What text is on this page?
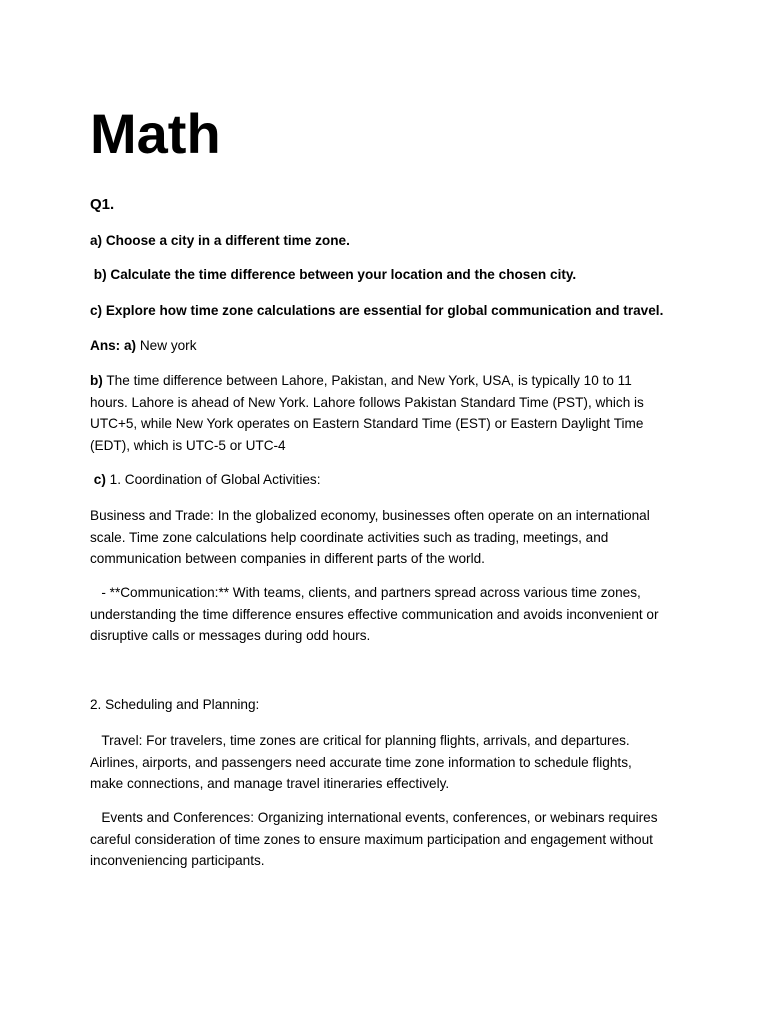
Math

Q1.

a) Choose a city in a different time zone.

b) Calculate the time difference between your location and the chosen city.

c) Explore how time zone calculations are essential for global communication and travel.

Ans: a) New york

b) The time difference between Lahore, Pakistan, and New York, USA, is typically 10 to 11 hours. Lahore is ahead of New York. Lahore follows Pakistan Standard Time (PST), which is UTC+5, while New York operates on Eastern Standard Time (EST) or Eastern Daylight Time (EDT), which is UTC-5 or UTC-4

c) 1. Coordination of Global Activities:

Business and Trade: In the globalized economy, businesses often operate on an international scale. Time zone calculations help coordinate activities such as trading, meetings, and communication between companies in different parts of the world.

- **Communication:** With teams, clients, and partners spread across various time zones, understanding the time difference ensures effective communication and avoids inconvenient or disruptive calls or messages during odd hours.

2. Scheduling and Planning:

Travel: For travelers, time zones are critical for planning flights, arrivals, and departures. Airlines, airports, and passengers need accurate time zone information to schedule flights, make connections, and manage travel itineraries effectively.

Events and Conferences: Organizing international events, conferences, or webinars requires careful consideration of time zones to ensure maximum participation and engagement without inconveniencing participants.
